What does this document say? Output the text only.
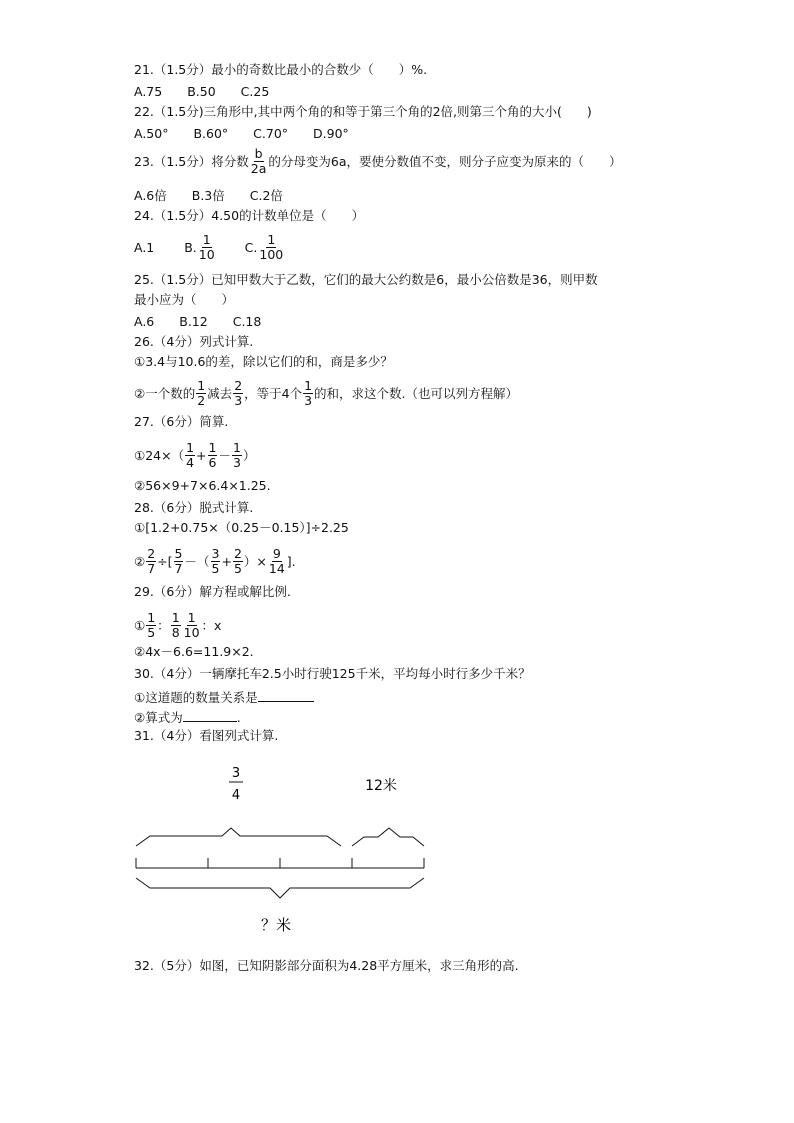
21.（1.5分）最小的奇数比最小的合数少（　　）%.
A.75　　B.50　　C.25
22.（1.5分)三角形中,其中两个角的和等于第三个角的2倍,则第三个角的大小(　　)
A.50°　　B.60°　　C.70°　　D.90°
23.（1.5分）将分数 $\frac{b}{2a}$ 的分母变为6a，要使分数值不变，则分子应变为原来的（　　）
A.6倍　　B.3倍　　C.2倍
24.（1.5分）4.50的计数单位是（　　）
A.1 B. $\frac{1}{10} C$. $\frac{1}{100}$
25.（1.5分）已知甲数大于乙数，它们的最大公约数是6，最小公倍数是36，则甲数
最小应为（　　）
A.6　　B.12　　C.18
26.（4分）列式计算.
①3.4与10.6的差，除以它们的和，商是多少？
②一个数的 $\frac{1}{2}$ 减去 $\frac{2}{3}$ ，等于4个 $\frac{1}{3}$ 的和，求这个数.（也可以列方程解）
27.（6分）简算.
①24×（ $\frac{1}{4} + \frac{1}{6} - \frac{1}{3}$ ）
②56×9+7×6.4×1.25.
28.（6分）脱式计算.
①[1.2+0.75×（0.25－0.15）]÷2.25
② $\frac{2}{7}$ ÷[ $\frac{5}{7}$ －（ $\frac{3}{5} + \frac{2}{5}$ ）× $\frac{9}{14}$ ].
29.（6分）解方程或解比例.
① $\frac{1}{5}$ ： $\frac{1}{8} \frac{1}{10}$ ：x
②4x－6.6=11.9×2.
30.（4分）一辆摩托车2.5小时行驶125千米，平均每小时行多少千米？
①这道题的数量关系是
②算式为	.
31.（4分）看图列式计算.
3
4
12米
？米
32.（5分）如图，已知阴影部分面积为4.28平方厘米，求三角形的高.
